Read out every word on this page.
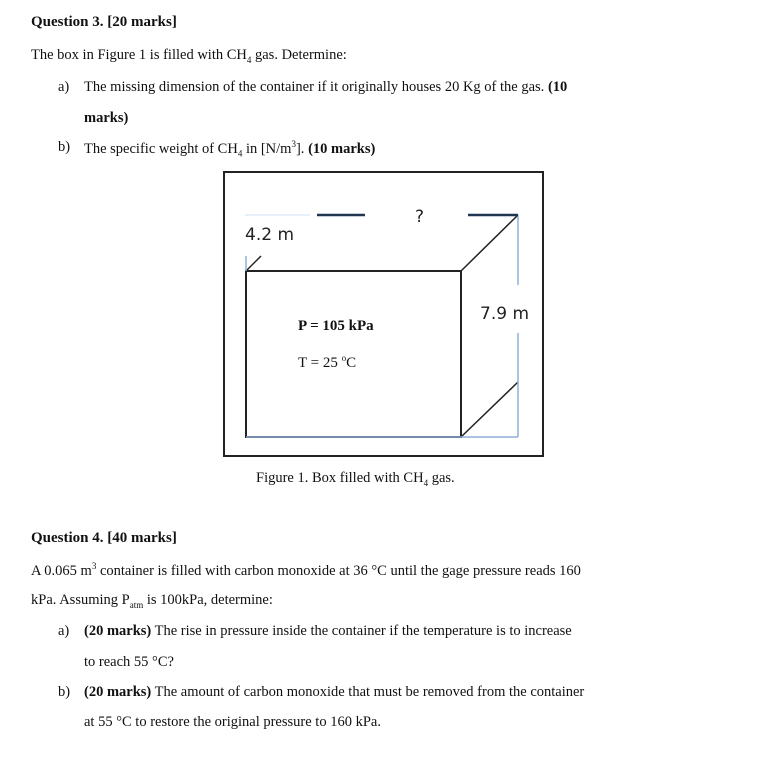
Question 3. [20 marks]
The box in Figure 1 is filled with $CH_4$ gas. Determine:
a) The missing dimension of the container if it originally houses 20 Kg of the gas. (10
marks)
b) The specific weight of $CH_4$ in $[N/m^3]$. (10 marks)
4.2 m
?
7.9 m
P = 105 kPa
T = 25 $^o$C
Figure 1. Box filled with $CH_4$ gas.
Question 4. [40 marks]
A 0.065 $m^3$ container is filled with carbon monoxide at 36 °C until the gage pressure reads 160
kPa. Assuming $P_{atm}$ is 100kPa, determine:
a) (20 marks) The rise in pressure inside the container if the temperature is to increase
to reach 55 °C?
b) (20 marks) The amount of carbon monoxide that must be removed from the container
at 55 °C to restore the original pressure to 160 kPa.
